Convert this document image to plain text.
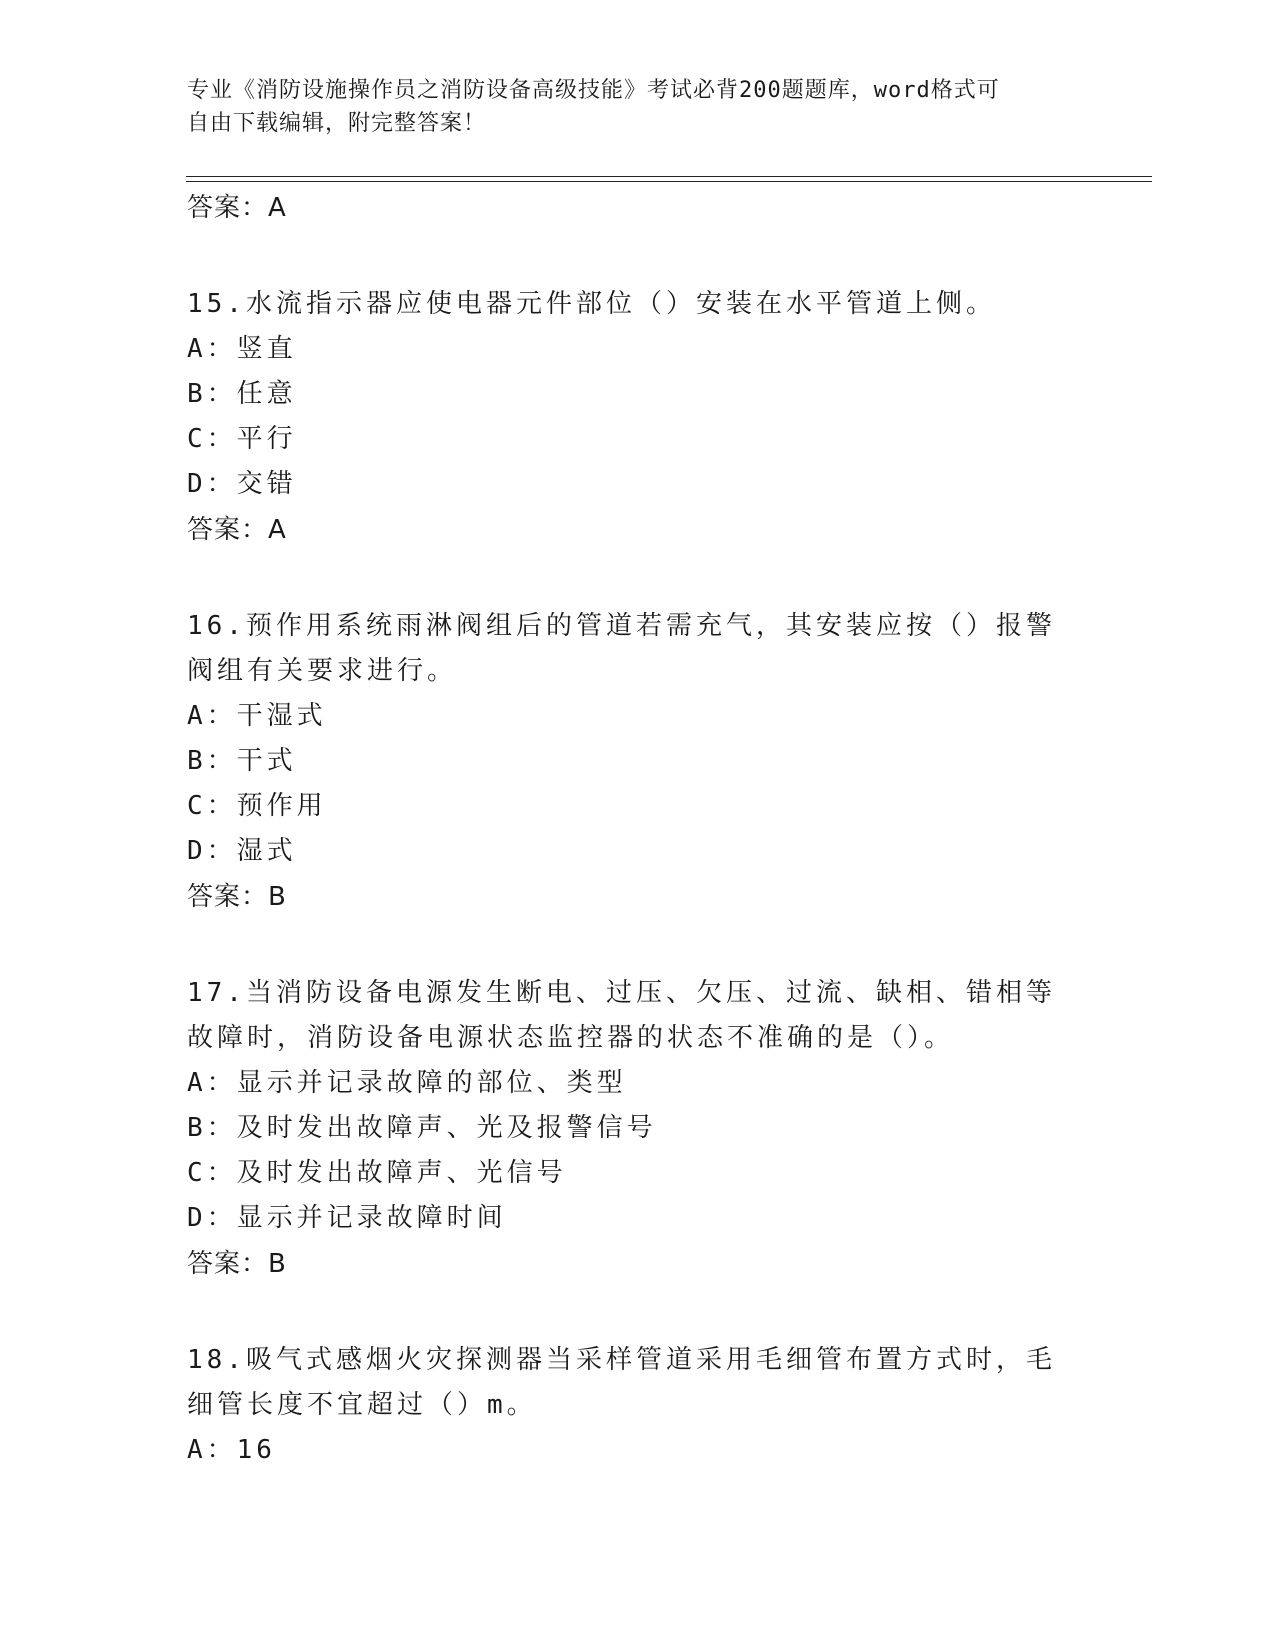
专业《消防设施操作员之消防设备高级技能》考试必背200题题库，word格式可
自由下载编辑，附完整答案！
答案：A
15.水流指示器应使电器元件部位（）安装在水平管道上侧。
A：竖直
B：任意
C：平行
D：交错
答案：A
16.预作用系统雨淋阀组后的管道若需充气，其安装应按（）报警阀组有关要求进行。
A：干湿式
B：干式
C：预作用
D：湿式
答案：B
17.当消防设备电源发生断电、过压、欠压、过流、缺相、错相等故障时，消防设备电源状态监控器的状态不准确的是（）。
A：显示并记录故障的部位、类型
B：及时发出故障声、光及报警信号
C：及时发出故障声、光信号
D：显示并记录故障时间
答案：B
18.吸气式感烟火灾探测器当采样管道采用毛细管布置方式时，毛细管长度不宜超过（）m。
A：16
